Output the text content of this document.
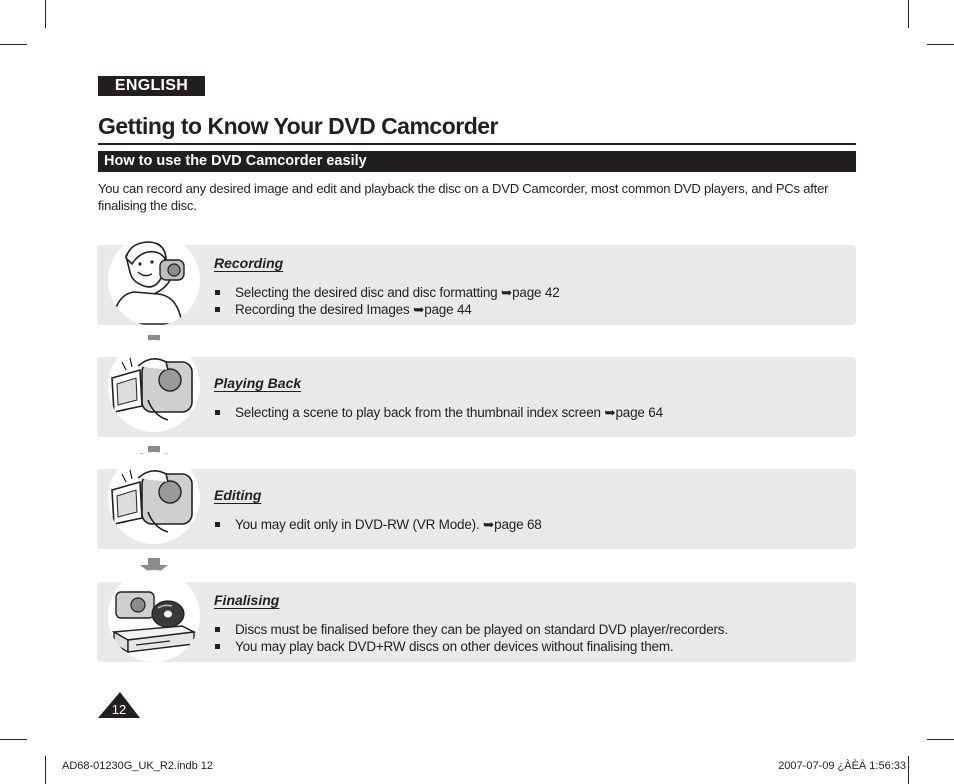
ENGLISH
Getting to Know Your DVD Camcorder
How to use the DVD Camcorder easily
You can record any desired image and edit and playback the disc on a DVD Camcorder, most common DVD players, and PCs after finalising the disc.
Recording
Selecting the desired disc and disc formatting ➥page 42
Recording the desired Images ➥page 44
Playing Back
Selecting a scene to play back from the thumbnail index screen ➥page 64
Editing
You may edit only in DVD-RW (VR Mode). ➥page 68
Finalising
Discs must be finalised before they can be played on standard DVD player/recorders.
You may play back DVD+RW discs on other devices without finalising them.
12
AD68-01230G_UK_R2.indb 12	2007-07-09 ¿ÀÈÄ 1:56:33
